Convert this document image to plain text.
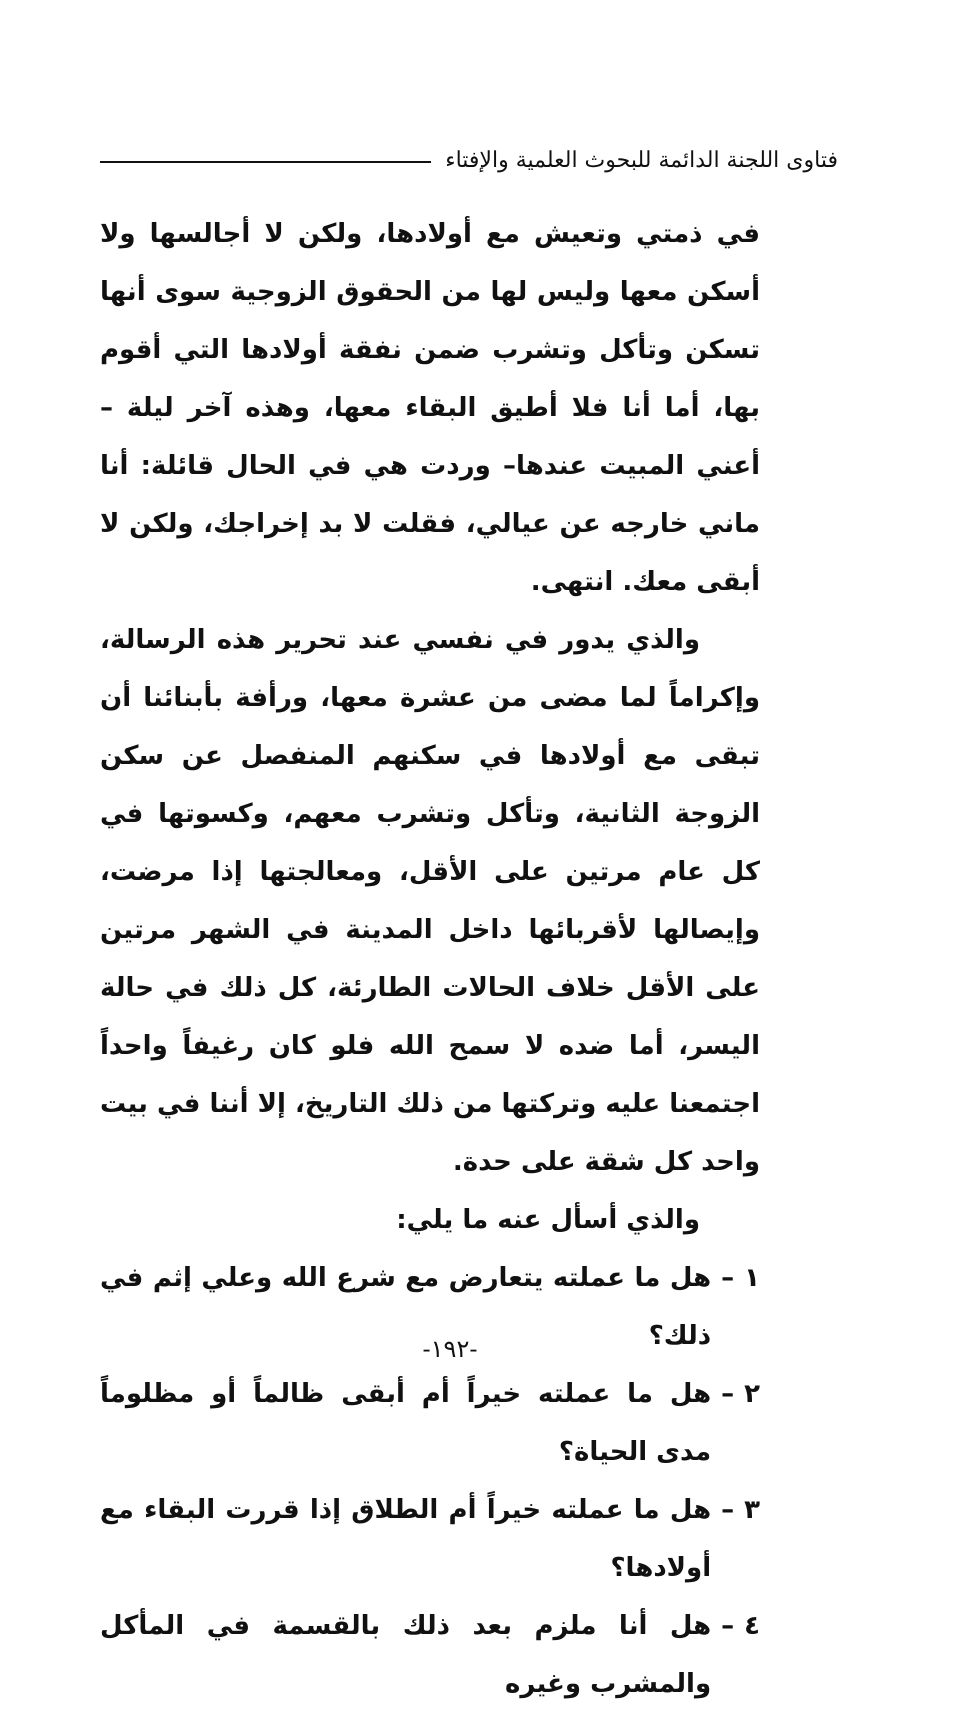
فتاوى اللجنة الدائمة للبحوث العلمية والإفتاء

في ذمتي وتعيش مع أولادها، ولكن لا أجالسها ولا أسكن معها وليس لها من الحقوق الزوجية سوى أنها تسكن وتأكل وتشرب ضمن نفقة أولادها التي أقوم بها، أما أنا فلا أطيق البقاء معها، وهذه آخر ليلة –أعني المبيت عندها– وردت هي في الحال قائلة: أنا ماني خارجه عن عيالي، فقلت لا بد إخراجك، ولكن لا أبقى معك. انتهى.

والذي يدور في نفسي عند تحرير هذه الرسالة، وإكراماً لما مضى من عشرة معها، ورأفة بأبنائنا أن تبقى مع أولادها في سكنهم المنفصل عن سكن الزوجة الثانية، وتأكل وتشرب معهم، وكسوتها في كل عام مرتين على الأقل، ومعالجتها إذا مرضت، وإيصالها لأقربائها داخل المدينة في الشهر مرتين على الأقل خلاف الحالات الطارئة، كل ذلك في حالة اليسر، أما ضده لا سمح الله فلو كان رغيفاً واحداً اجتمعنا عليه وتركتها من ذلك التاريخ، إلا أننا في بيت واحد كل شقة على حدة.

والذي أسأل عنه ما يلي:

١
–
هل ما عملته يتعارض مع شرع الله وعلي إثم في ذلك؟
٢
–
هل ما عملته خيراً أم أبقى ظالماً أو مظلوماً مدى الحياة؟
٣
–
هل ما عملته خيراً أم الطلاق إذا قررت البقاء مع أولادها؟
٤
–
هل أنا ملزم بعد ذلك بالقسمة في المأكل والمشرب وغيره
-١٩٢-
